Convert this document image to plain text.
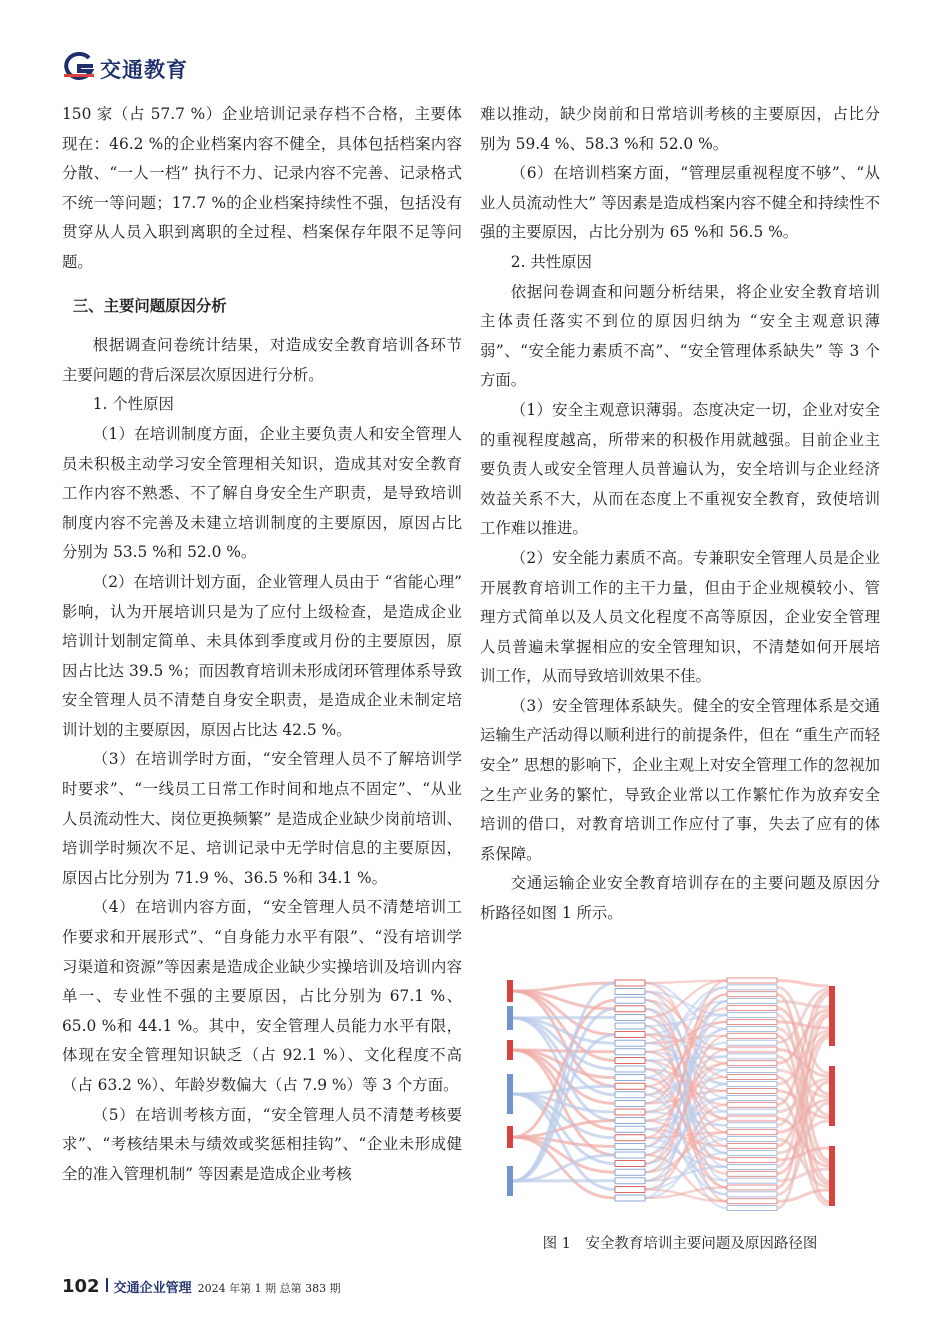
交通教育

150 家（占 57.7 %）企业培训记录存档不合格，主要体现在：46.2 %的企业档案内容不健全，具体包括档案内容分散、“一人一档” 执行不力、记录内容不完善、记录格式不统一等问题；17.7 %的企业档案持续性不强，包括没有贯穿从人员入职到离职的全过程、档案保存年限不足等问题。

三、主要问题原因分析

根据调查问卷统计结果，对造成安全教育培训各环节主要问题的背后深层次原因进行分析。

1. 个性原因

（1）在培训制度方面，企业主要负责人和安全管理人员未积极主动学习安全管理相关知识，造成其对安全教育工作内容不熟悉、不了解自身安全生产职责，是导致培训制度内容不完善及未建立培训制度的主要原因，原因占比分别为 53.5 %和 52.0 %。

（2）在培训计划方面，企业管理人员由于 “省能心理” 影响，认为开展培训只是为了应付上级检查，是造成企业培训计划制定简单、未具体到季度或月份的主要原因，原因占比达 39.5 %；而因教育培训未形成闭环管理体系导致安全管理人员不清楚自身安全职责，是造成企业未制定培训计划的主要原因，原因占比达 42.5 %。

（3）在培训学时方面，“安全管理人员不了解培训学时要求”、“一线员工日常工作时间和地点不固定”、“从业人员流动性大、岗位更换频繁” 是造成企业缺少岗前培训、培训学时频次不足、培训记录中无学时信息的主要原因，原因占比分别为 71.9 %、36.5 %和 34.1 %。

（4）在培训内容方面，“安全管理人员不清楚培训工作要求和开展形式”、“自身能力水平有限”、“没有培训学习渠道和资源”等因素是造成企业缺少实操培训及培训内容单一、专业性不强的主要原因，占比分别为 67.1 %、65.0 %和 44.1 %。其中，安全管理人员能力水平有限，体现在安全管理知识缺乏（占 92.1 %）、文化程度不高（占 63.2 %）、年龄岁数偏大（占 7.9 %）等 3 个方面。

（5）在培训考核方面，“安全管理人员不清楚考核要求”、“考核结果未与绩效或奖惩相挂钩”、“企业未形成健全的准入管理机制” 等因素是造成企业考核

难以推动，缺少岗前和日常培训考核的主要原因，占比分别为 59.4 %、58.3 %和 52.0 %。

（6）在培训档案方面，“管理层重视程度不够”、“从业人员流动性大” 等因素是造成档案内容不健全和持续性不强的主要原因，占比分别为 65 %和 56.5 %。

2. 共性原因

依据问卷调查和问题分析结果，将企业安全教育培训主体责任落实不到位的原因归纳为 “安全主观意识薄弱”、“安全能力素质不高”、“安全管理体系缺失” 等 3 个方面。

（1）安全主观意识薄弱。态度决定一切，企业对安全的重视程度越高，所带来的积极作用就越强。目前企业主要负责人或安全管理人员普遍认为，安全培训与企业经济效益关系不大，从而在态度上不重视安全教育，致使培训工作难以推进。

（2）安全能力素质不高。专兼职安全管理人员是企业开展教育培训工作的主干力量，但由于企业规模较小、管理方式简单以及人员文化程度不高等原因，企业安全管理人员普遍未掌握相应的安全管理知识，不清楚如何开展培训工作，从而导致培训效果不佳。

（3）安全管理体系缺失。健全的安全管理体系是交通运输生产活动得以顺利进行的前提条件，但在 “重生产而轻安全” 思想的影响下，企业主观上对安全管理工作的忽视加之生产业务的繁忙，导致企业常以工作繁忙作为放弃安全培训的借口，对教育培训工作应付了事，失去了应有的体系保障。

交通运输企业安全教育培训存在的主要问题及原因分析路径如图 1 所示。

图 1　安全教育培训主要问题及原因路径图
102 交通企业管理 2024 年第 1 期 总第 383 期
